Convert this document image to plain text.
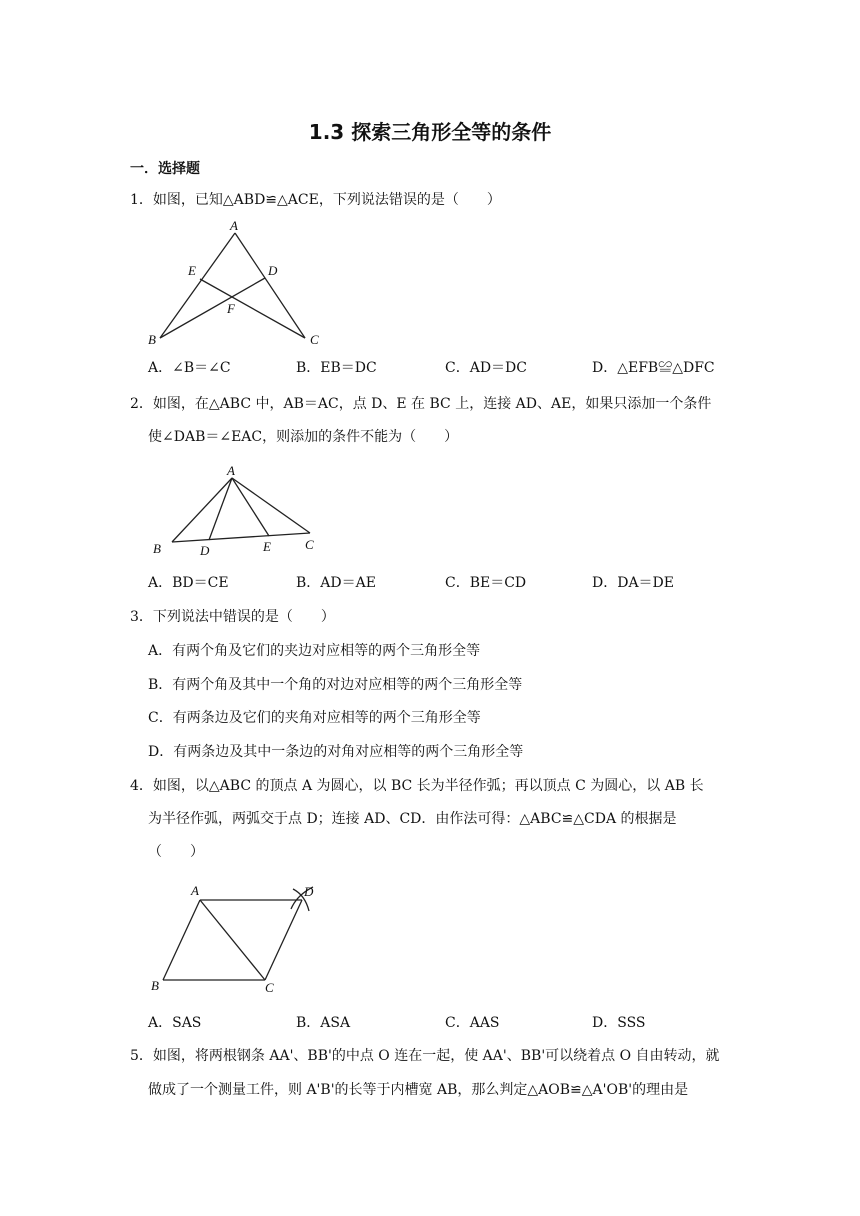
1.3 探索三角形全等的条件
一．选择题
1．如图，已知△ABD≌△ACE，下列说法错误的是（　　）
A
E	D
F
B	C
A．∠B＝∠C	B．EB＝DC	C．AD＝DC	D．△EFB≌△DFC
2．如图，在△ABC 中，AB＝AC，点 D、E 在 BC 上，连接 AD、AE，如果只添加一个条件
使∠DAB＝∠EAC，则添加的条件不能为（　　）
A
B	D	E	C
A．BD＝CE	B．AD＝AE	C．BE＝CD	D．DA＝DE
3．下列说法中错误的是（　　）
A．有两个角及它们的夹边对应相等的两个三角形全等
B．有两个角及其中一个角的对边对应相等的两个三角形全等
C．有两条边及它们的夹角对应相等的两个三角形全等
D．有两条边及其中一条边的对角对应相等的两个三角形全等
4．如图，以△ABC 的顶点 A 为圆心，以 BC 长为半径作弧；再以顶点 C 为圆心，以 AB 长
为半径作弧，两弧交于点 D；连接 AD、CD．由作法可得：△ABC≌△CDA 的根据是
（　　）
A	D
B	C
A．SAS	B．ASA	C．AAS	D．SSS
5．如图，将两根钢条 AA'、BB'的中点 O 连在一起，使 AA'、BB'可以绕着点 O 自由转动，就
做成了一个测量工件，则 A'B'的长等于内槽宽 AB，那么判定△AOB≌△A'OB'的理由是
